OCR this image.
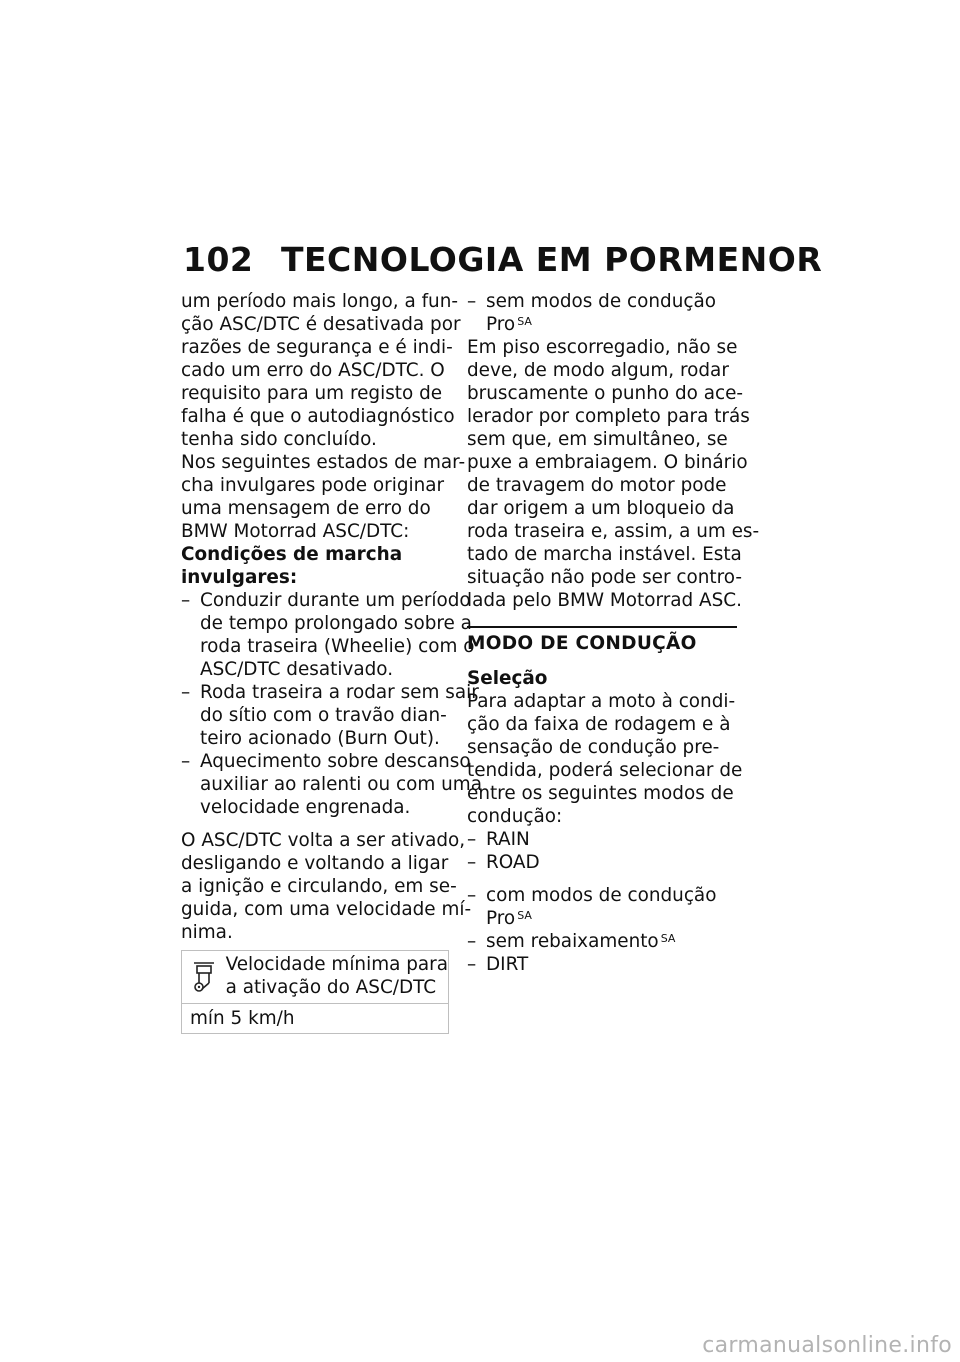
102 TECNOLOGIA EM PORMENOR
um período mais longo, a fun-
ção ASC/DTC é desativada por
razões de segurança e é indi-
cado um erro do ASC/DTC. O
requisito para um registo de
falha é que o autodiagnóstico
tenha sido concluído.
Nos seguintes estados de mar-
cha invulgares pode originar
uma mensagem de erro do
BMW Motorrad ASC/DTC:
Condições de marcha
invulgares:
– Conduzir durante um período
de tempo prolongado sobre a
roda traseira (Wheelie) com o
ASC/DTC desativado.
– Roda traseira a rodar sem sair
do sítio com o travão dian-
teiro acionado (Burn Out).
– Aquecimento sobre descanso
auxiliar ao ralenti ou com uma
velocidade engrenada.
O ASC/DTC volta a ser ativado,
desligando e voltando a ligar
a ignição e circulando, em se-
guida, com uma velocidade mí-
nima.
Velocidade mínima para
a ativação do ASC/DTC
mín 5 km/h
– sem modos de condução
Pro $^{SA}$
Em piso escorregadio, não se
deve, de modo algum, rodar
bruscamente o punho do ace-
lerador por completo para trás
sem que, em simultâneo, se
puxe a embraiagem. O binário
de travagem do motor pode
dar origem a um bloqueio da
roda traseira e, assim, a um es-
tado de marcha instável. Esta
situação não pode ser contro-
lada pelo BMW Motorrad ASC.
MODO DE CONDUÇÃO
Seleção
Para adaptar a moto à condi-
ção da faixa de rodagem e à
sensação de condução pre-
tendida, poderá selecionar de
entre os seguintes modos de
condução:
– RAIN
– ROAD
– com modos de condução
Pro $^{SA}$
– sem rebaixamento $^{SA}$
– DIRT
carmanualsonline.info
